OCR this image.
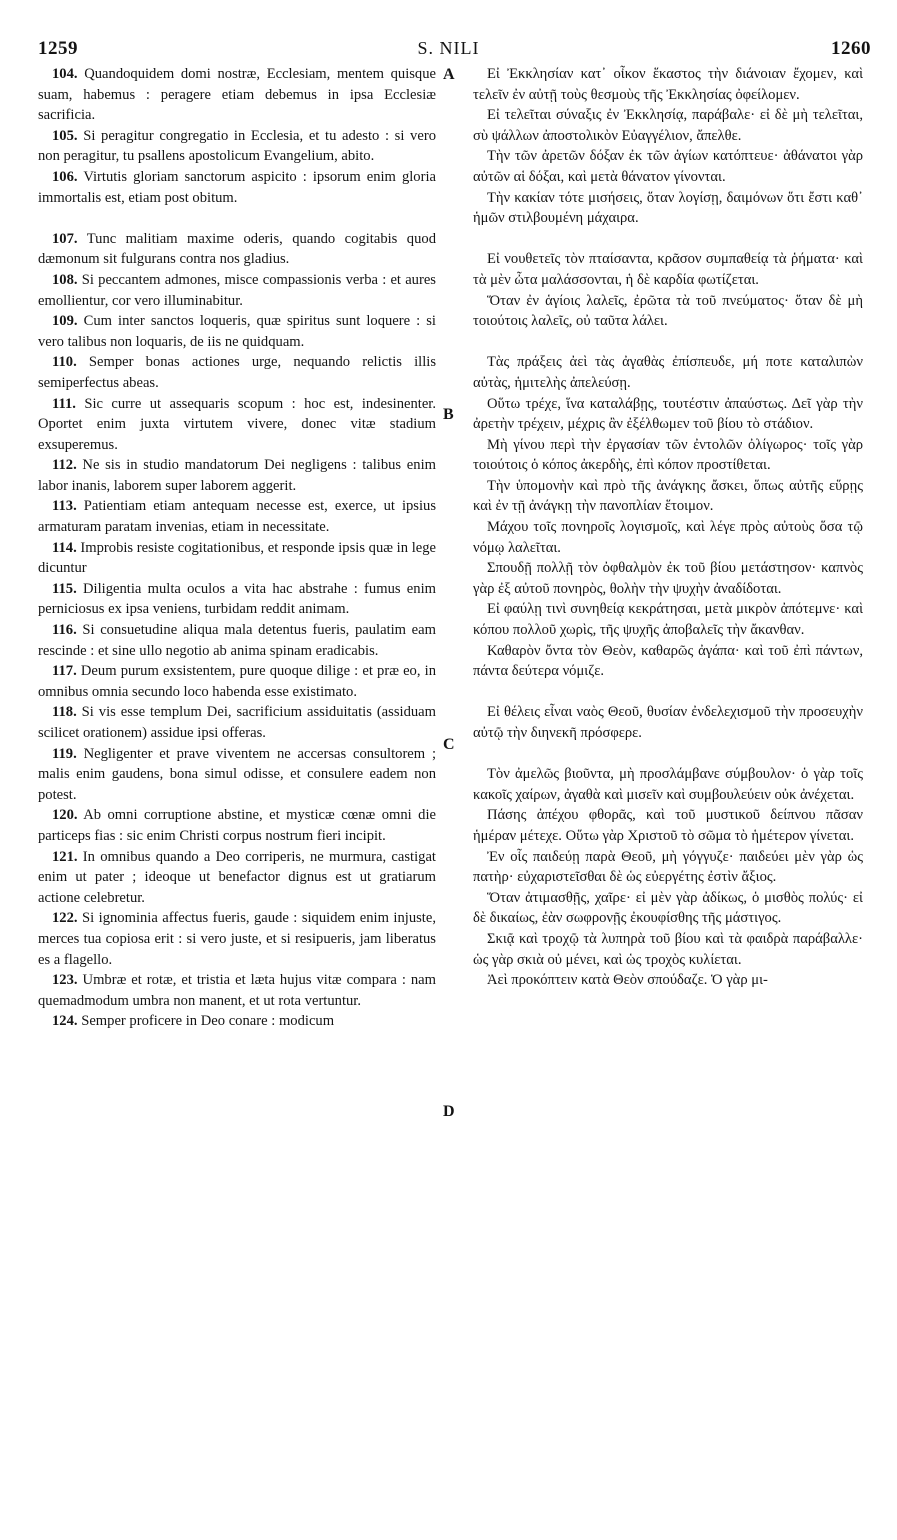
1259	S. NILI	1260
A
B
C
D

104. Quandoquidem domi nostræ, Ecclesiam, mentem quisque suam, habemus : peragere etiam debemus in ipsa Ecclesiæ sacrificia.

105. Si peragitur congregatio in Ecclesia, et tu adesto : si vero non peragitur, tu psallens apostolicum Evangelium, abito.

106. Virtutis gloriam sanctorum aspicito : ipsorum enim gloria immortalis est, etiam post obitum.

107. Tunc malitiam maxime oderis, quando cogitabis quod dæmonum sit fulgurans contra nos gladius.

108. Si peccantem admones, misce compassionis verba : et aures emollientur, cor vero illuminabitur.

109. Cum inter sanctos loqueris, quæ spiritus sunt loquere : si vero talibus non loquaris, de iis ne quidquam.

110. Semper bonas actiones urge, nequando relictis illis semiperfectus abeas.

111. Sic curre ut assequaris scopum : hoc est, indesinenter. Oportet enim juxta virtutem vivere, donec vitæ stadium exsuperemus.

112. Ne sis in studio mandatorum Dei negligens : talibus enim labor inanis, laborem super laborem aggerit.

113. Patientiam etiam antequam necesse est, exerce, ut ipsius armaturam paratam invenias, etiam in necessitate.

114. Improbis resiste cogitationibus, et responde ipsis quæ in lege dicuntur

115. Diligentia multa oculos a vita hac abstrahe : fumus enim perniciosus ex ipsa veniens, turbidam reddit animam.

116. Si consuetudine aliqua mala detentus fueris, paulatim eam rescinde : et sine ullo negotio ab anima spinam eradicabis.

117. Deum purum exsistentem, pure quoque dilige : et præ eo, in omnibus omnia secundo loco habenda esse existimato.

118. Si vis esse templum Dei, sacrificium assiduitatis (assiduam scilicet orationem) assidue ipsi offeras.

119. Negligenter et prave viventem ne accersas consultorem ; malis enim gaudens, bona simul odisse, et consulere eadem non potest.

120. Ab omni corruptione abstine, et mysticæ cœnæ omni die particeps fias : sic enim Christi corpus nostrum fieri incipit.

121. In omnibus quando a Deo corriperis, ne murmura, castigat enim ut pater ; ideoque ut benefactor dignus est ut gratiarum actione celebretur.

122. Si ignominia affectus fueris, gaude : siquidem enim injuste, merces tua copiosa erit : si vero juste, et si resipueris, jam liberatus es a flagello.

123. Umbræ et rotæ, et tristia et læta hujus vitæ compara : nam quemadmodum umbra non manent, et ut rota vertuntur.

124. Semper proficere in Deo conare : modicum

Εἰ Ἐκκλησίαν κατ᾽ οἶκον ἕκαστος τὴν διάνοιαν ἔχομεν, καὶ τελεῖν ἐν αὐτῇ τοὺς θεσμοὺς τῆς Ἐκκλησίας ὀφείλομεν.

Εἰ τελεῖται σύναξις ἐν Ἐκκλησίᾳ, παράβαλε· εἰ δὲ μὴ τελεῖται, σὺ ψάλλων ἀποστολικὸν Εὐαγγέλιον, ἄπελθε.

Τὴν τῶν ἀρετῶν δόξαν ἐκ τῶν ἁγίων κατόπτευε· ἀθάνατοι γὰρ αὐτῶν αἱ δόξαι, καὶ μετὰ θάνατον γίνονται.

Τὴν κακίαν τότε μισήσεις, ὅταν λογίσῃ, δαιμόνων ὅτι ἔστι καθ᾽ ἡμῶν στιλβουμένη μάχαιρα.

Εἰ νουθετεῖς τὸν πταίσαντα, κρᾶσον συμπαθείᾳ τὰ ῥήματα· καὶ τὰ μὲν ὦτα μαλάσσονται, ἡ δὲ καρδία φωτίζεται.

Ὅταν ἐν ἁγίοις λαλεῖς, ἐρῶτα τὰ τοῦ πνεύματος· ὅταν δὲ μὴ τοιούτοις λαλεῖς, οὐ ταῦτα λάλει.

Τὰς πράξεις ἀεὶ τὰς ἀγαθὰς ἐπίσπευδε, μή ποτε καταλιπὼν αὐτὰς, ἡμιτελὴς ἀπελεύσῃ.

Οὕτω τρέχε, ἵνα καταλάβῃς, τουτέστιν ἀπαύστως. Δεῖ γὰρ τὴν ἀρετὴν τρέχειν, μέχρις ἂν ἐξέλθωμεν τοῦ βίου τὸ στάδιον.

Μὴ γίνου περὶ τὴν ἐργασίαν τῶν ἐντολῶν ὀλίγωρος· τοῖς γὰρ τοιούτοις ὁ κόπος ἀκερδὴς, ἐπὶ κόπον προστίθεται.

Τὴν ὑπομονὴν καὶ πρὸ τῆς ἀνάγκης ἄσκει, ὅπως αὐτῆς εὕρῃς καὶ ἐν τῇ ἀνάγκῃ τὴν πανοπλίαν ἕτοιμον.

Μάχου τοῖς πονηροῖς λογισμοῖς, καὶ λέγε πρὸς αὐτοὺς ὅσα τῷ νόμῳ λαλεῖται.

Σπουδῇ πολλῇ τὸν ὀφθαλμὸν ἐκ τοῦ βίου μετάστησον· καπνὸς γὰρ ἐξ αὐτοῦ πονηρὸς, θολὴν τὴν ψυχὴν ἀναδίδοται.

Εἰ φαύλῃ τινὶ συνηθείᾳ κεκράτησαι, μετὰ μικρὸν ἀπότεμνε· καὶ κόπου πολλοῦ χωρὶς, τῆς ψυχῆς ἀποβαλεῖς τὴν ἄκανθαν.

Καθαρὸν ὄντα τὸν Θεὸν, καθαρῶς ἀγάπα· καὶ τοῦ ἐπὶ πάντων, πάντα δεύτερα νόμιζε.

Εἰ θέλεις εἶναι ναὸς Θεοῦ, θυσίαν ἐνδελεχισμοῦ τὴν προσευχὴν αὐτῷ τὴν διηνεκῆ πρόσφερε.

Τὸν ἀμελῶς βιοῦντα, μὴ προσλάμβανε σύμβουλον· ὁ γὰρ τοῖς κακοῖς χαίρων, ἀγαθὰ καὶ μισεῖν καὶ συμβουλεύειν οὐκ ἀνέχεται.

Πάσης ἀπέχου φθορᾶς, καὶ τοῦ μυστικοῦ δείπνου πᾶσαν ἡμέραν μέτεχε. Οὕτω γὰρ Χριστοῦ τὸ σῶμα τὸ ἡμέτερον γίνεται.

Ἐν οἷς παιδεύῃ παρὰ Θεοῦ, μὴ γόγγυζε· παιδεύει μὲν γὰρ ὡς πατὴρ· εὐχαριστεῖσθαι δὲ ὡς εὐεργέτης ἐστὶν ἄξιος.

Ὅταν ἀτιμασθῇς, χαῖρε· εἰ μὲν γὰρ ἀδίκως, ὁ μισθὸς πολύς· εἰ δὲ δικαίως, ἐὰν σωφρονῇς ἐκουφίσθης τῆς μάστιγος.

Σκιᾷ καὶ τροχῷ τὰ λυπηρὰ τοῦ βίου καὶ τὰ φαιδρὰ παράβαλλε· ὡς γὰρ σκιὰ οὐ μένει, καὶ ὡς τροχὸς κυλίεται.

Ἀεὶ προκόπτειν κατὰ Θεὸν σπούδαζε. Ὁ γὰρ μι-
